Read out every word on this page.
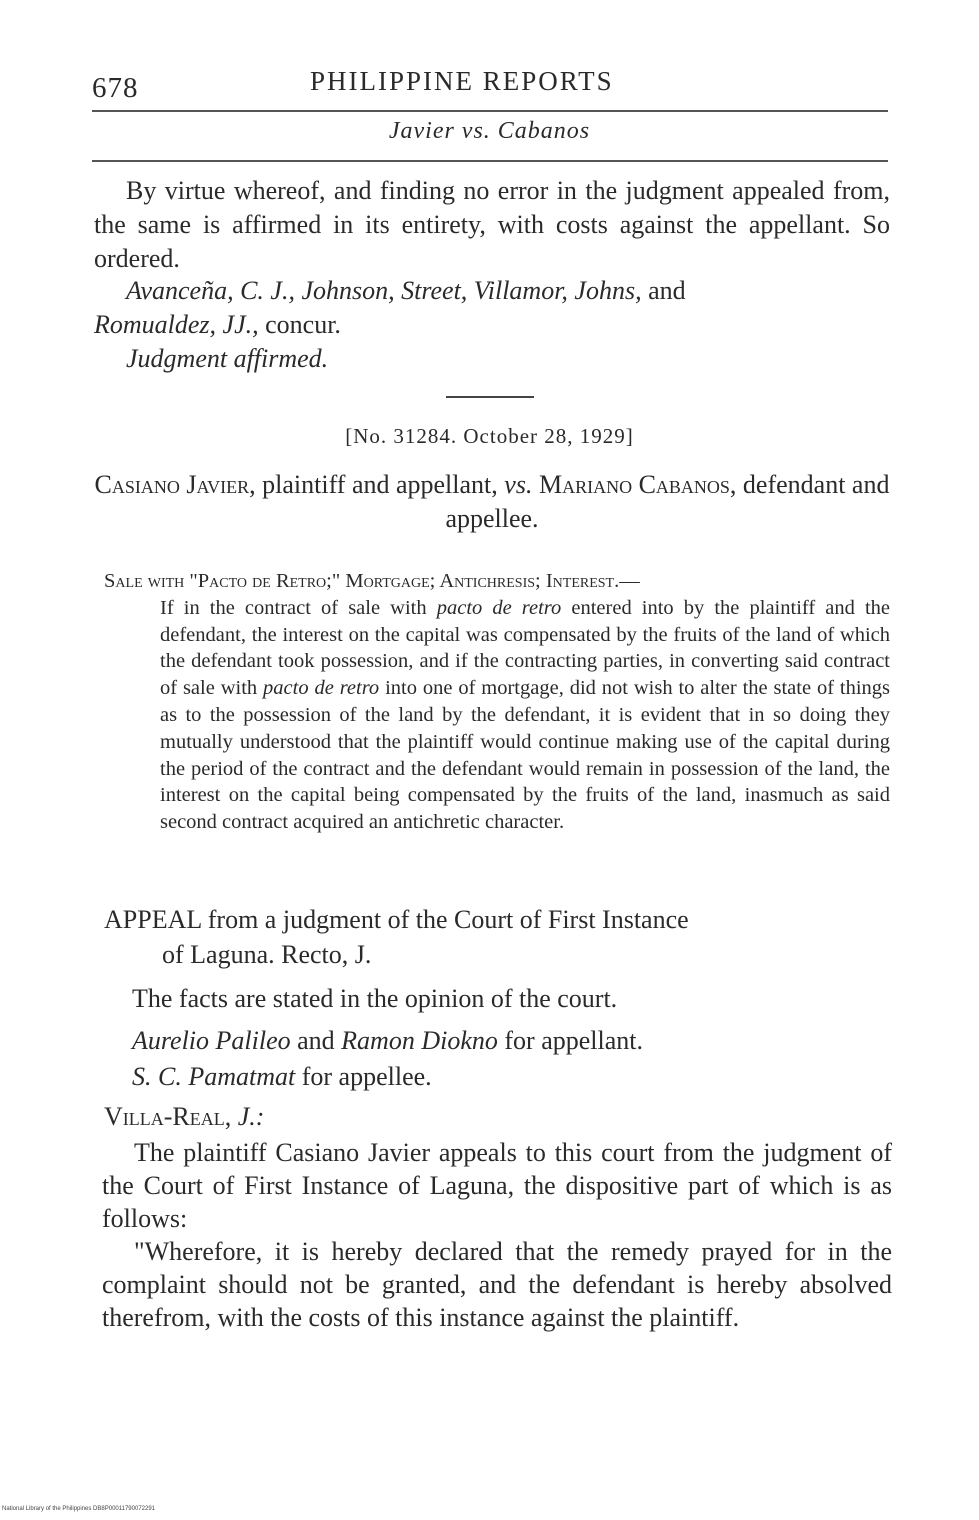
678	PHILIPPINE REPORTS
Javier vs. Cabanos

By virtue whereof, and finding no error in the judgment appealed from, the same is affirmed in its entirety, with costs against the appellant. So ordered.

Avanceña, C. J., Johnson, Street, Villamor, Johns, and
Romualdez, JJ., concur.
Judgment affirmed.
[No. 31284. October 28, 1929]
Casiano Javier, plaintiff and appellant, vs. Mariano Cabanos, defendant and appellee.
Sale with "Pacto de Retro;" Mortgage; Antichresis; Interest.—
If in the contract of sale with pacto de retro entered into by the plaintiff and the defendant, the interest on the capital was compensated by the fruits of the land of which the defendant took possession, and if the contracting parties, in converting said contract of sale with pacto de retro into one of mortgage, did not wish to alter the state of things as to the possession of the land by the defendant, it is evident that in so doing they mutually understood that the plaintiff would continue making use of the capital during the period of the contract and the defendant would remain in possession of the land, the interest on the capital being compensated by the fruits of the land, inasmuch as said second contract acquired an antichretic character.
APPEAL from a judgment of the Court of First Instance
of Laguna. Recto, J.
The facts are stated in the opinion of the court.
Aurelio Palileo and Ramon Diokno for appellant.
S. C. Pamatmat for appellee.
Villa-Real, J.:

The plaintiff Casiano Javier appeals to this court from the judgment of the Court of First Instance of Laguna, the dispositive part of which is as follows:

"Wherefore, it is hereby declared that the remedy prayed for in the complaint should not be granted, and the defendant is hereby absolved therefrom, with the costs of this instance against the plaintiff.

National Library of the Philippines DB8P00011790072291
